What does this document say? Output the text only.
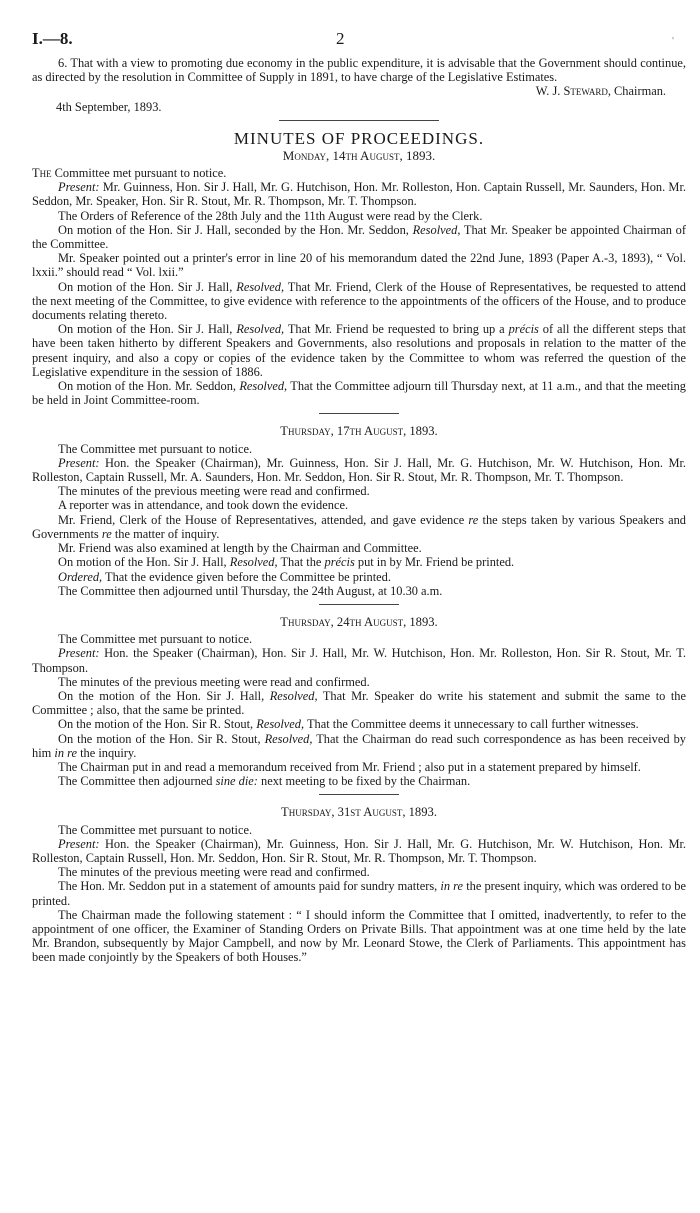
I.—8.	2	'

6. That with a view to promoting due economy in the public expenditure, it is advisable that the Government should continue, as directed by the resolution in Committee of Supply in 1891, to have charge of the Legislative Estimates.

W. J. Steward, Chairman.

4th September, 1893.

MINUTES OF PROCEEDINGS.
Monday, 14th August, 1893.

The Committee met pursuant to notice.

Present: Mr. Guinness, Hon. Sir J. Hall, Mr. G. Hutchison, Hon. Mr. Rolleston, Hon. Captain Russell, Mr. Saunders, Hon. Mr. Seddon, Mr. Speaker, Hon. Sir R. Stout, Mr. R. Thompson, Mr. T. Thompson.

The Orders of Reference of the 28th July and the 11th August were read by the Clerk.

On motion of the Hon. Sir J. Hall, seconded by the Hon. Mr. Seddon, Resolved, That Mr. Speaker be appointed Chairman of the Committee.

Mr. Speaker pointed out a printer's error in line 20 of his memorandum dated the 22nd June, 1893 (Paper A.-3, 1893), “ Vol. lxxii.” should read “ Vol. lxii.”

On motion of the Hon. Sir J. Hall, Resolved, That Mr. Friend, Clerk of the House of Representatives, be requested to attend the next meeting of the Committee, to give evidence with reference to the appointments of the officers of the House, and to produce documents relating thereto.

On motion of the Hon. Sir J. Hall, Resolved, That Mr. Friend be requested to bring up a précis of all the different steps that have been taken hitherto by different Speakers and Governments, also resolutions and proposals in relation to the matter of the present inquiry, and also a copy or copies of the evidence taken by the Committee to whom was referred the question of the Legislative expenditure in the session of 1886.

On motion of the Hon. Mr. Seddon, Resolved, That the Committee adjourn till Thursday next, at 11 a.m., and that the meeting be held in Joint Committee-room.

Thursday, 17th August, 1893.

The Committee met pursuant to notice.

Present: Hon. the Speaker (Chairman), Mr. Guinness, Hon. Sir J. Hall, Mr. G. Hutchison, Mr. W. Hutchison, Hon. Mr. Rolleston, Captain Russell, Mr. A. Saunders, Hon. Mr. Seddon, Hon. Sir R. Stout, Mr. R. Thompson, Mr. T. Thompson.

The minutes of the previous meeting were read and confirmed.

A reporter was in attendance, and took down the evidence.

Mr. Friend, Clerk of the House of Representatives, attended, and gave evidence re the steps taken by various Speakers and Governments re the matter of inquiry.

Mr. Friend was also examined at length by the Chairman and Committee.

On motion of the Hon. Sir J. Hall, Resolved, That the précis put in by Mr. Friend be printed.

Ordered, That the evidence given before the Committee be printed.

The Committee then adjourned until Thursday, the 24th August, at 10.30 a.m.

Thursday, 24th August, 1893.

The Committee met pursuant to notice.

Present: Hon. the Speaker (Chairman), Hon. Sir J. Hall, Mr. W. Hutchison, Hon. Mr. Rolleston, Hon. Sir R. Stout, Mr. T. Thompson.

The minutes of the previous meeting were read and confirmed.

On the motion of the Hon. Sir J. Hall, Resolved, That Mr. Speaker do write his statement and submit the same to the Committee ; also, that the same be printed.

On the motion of the Hon. Sir R. Stout, Resolved, That the Committee deems it unnecessary to call further witnesses.

On the motion of the Hon. Sir R. Stout, Resolved, That the Chairman do read such correspondence as has been received by him in re the inquiry.

The Chairman put in and read a memorandum received from Mr. Friend ; also put in a statement prepared by himself.

The Committee then adjourned sine die: next meeting to be fixed by the Chairman.

Thursday, 31st August, 1893.

The Committee met pursuant to notice.

Present: Hon. the Speaker (Chairman), Mr. Guinness, Hon. Sir J. Hall, Mr. G. Hutchison, Mr. W. Hutchison, Hon. Mr. Rolleston, Captain Russell, Hon. Mr. Seddon, Hon. Sir R. Stout, Mr. R. Thompson, Mr. T. Thompson.

The minutes of the previous meeting were read and confirmed.

The Hon. Mr. Seddon put in a statement of amounts paid for sundry matters, in re the present inquiry, which was ordered to be printed.

The Chairman made the following statement : “ I should inform the Committee that I omitted, inadvertently, to refer to the appointment of one officer, the Examiner of Standing Orders on Private Bills. That appointment was at one time held by the late Mr. Brandon, subsequently by Major Campbell, and now by Mr. Leonard Stowe, the Clerk of Parliaments. This appointment has been made conjointly by the Speakers of both Houses.”
